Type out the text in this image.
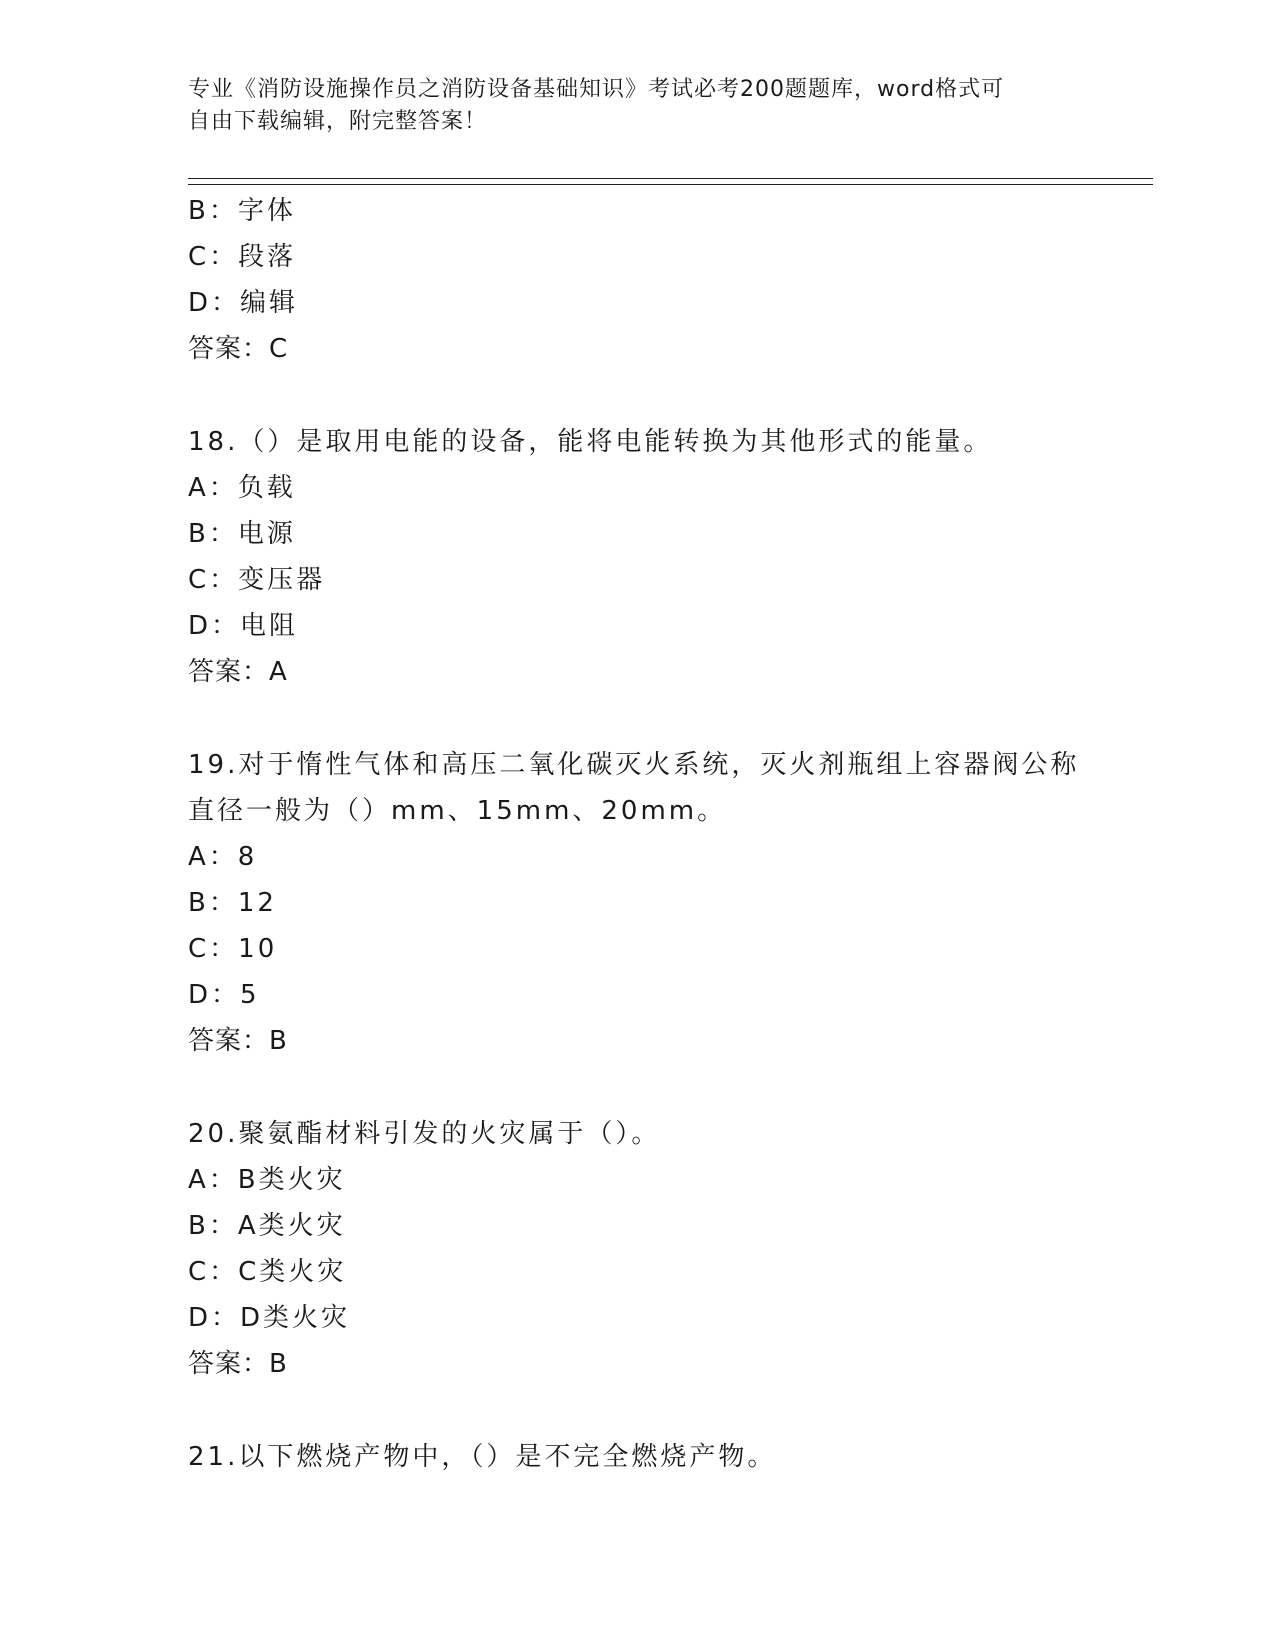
专业《消防设施操作员之消防设备基础知识》考试必考200题题库，word格式可
自由下载编辑，附完整答案！
B：字体
C：段落
D：编辑
答案：C
18.（）是取用电能的设备，能将电能转换为其他形式的能量。
A：负载
B：电源
C：变压器
D：电阻
答案：A
19.对于惰性气体和高压二氧化碳灭火系统，灭火剂瓶组上容器阀公称
直径一般为（）mm、15mm、20mm。
A：8
B：12
C：10
D：5
答案：B
20.聚氨酯材料引发的火灾属于（）。
A：B类火灾
B：A类火灾
C：C类火灾
D：D类火灾
答案：B
21.以下燃烧产物中，（）是不完全燃烧产物。
